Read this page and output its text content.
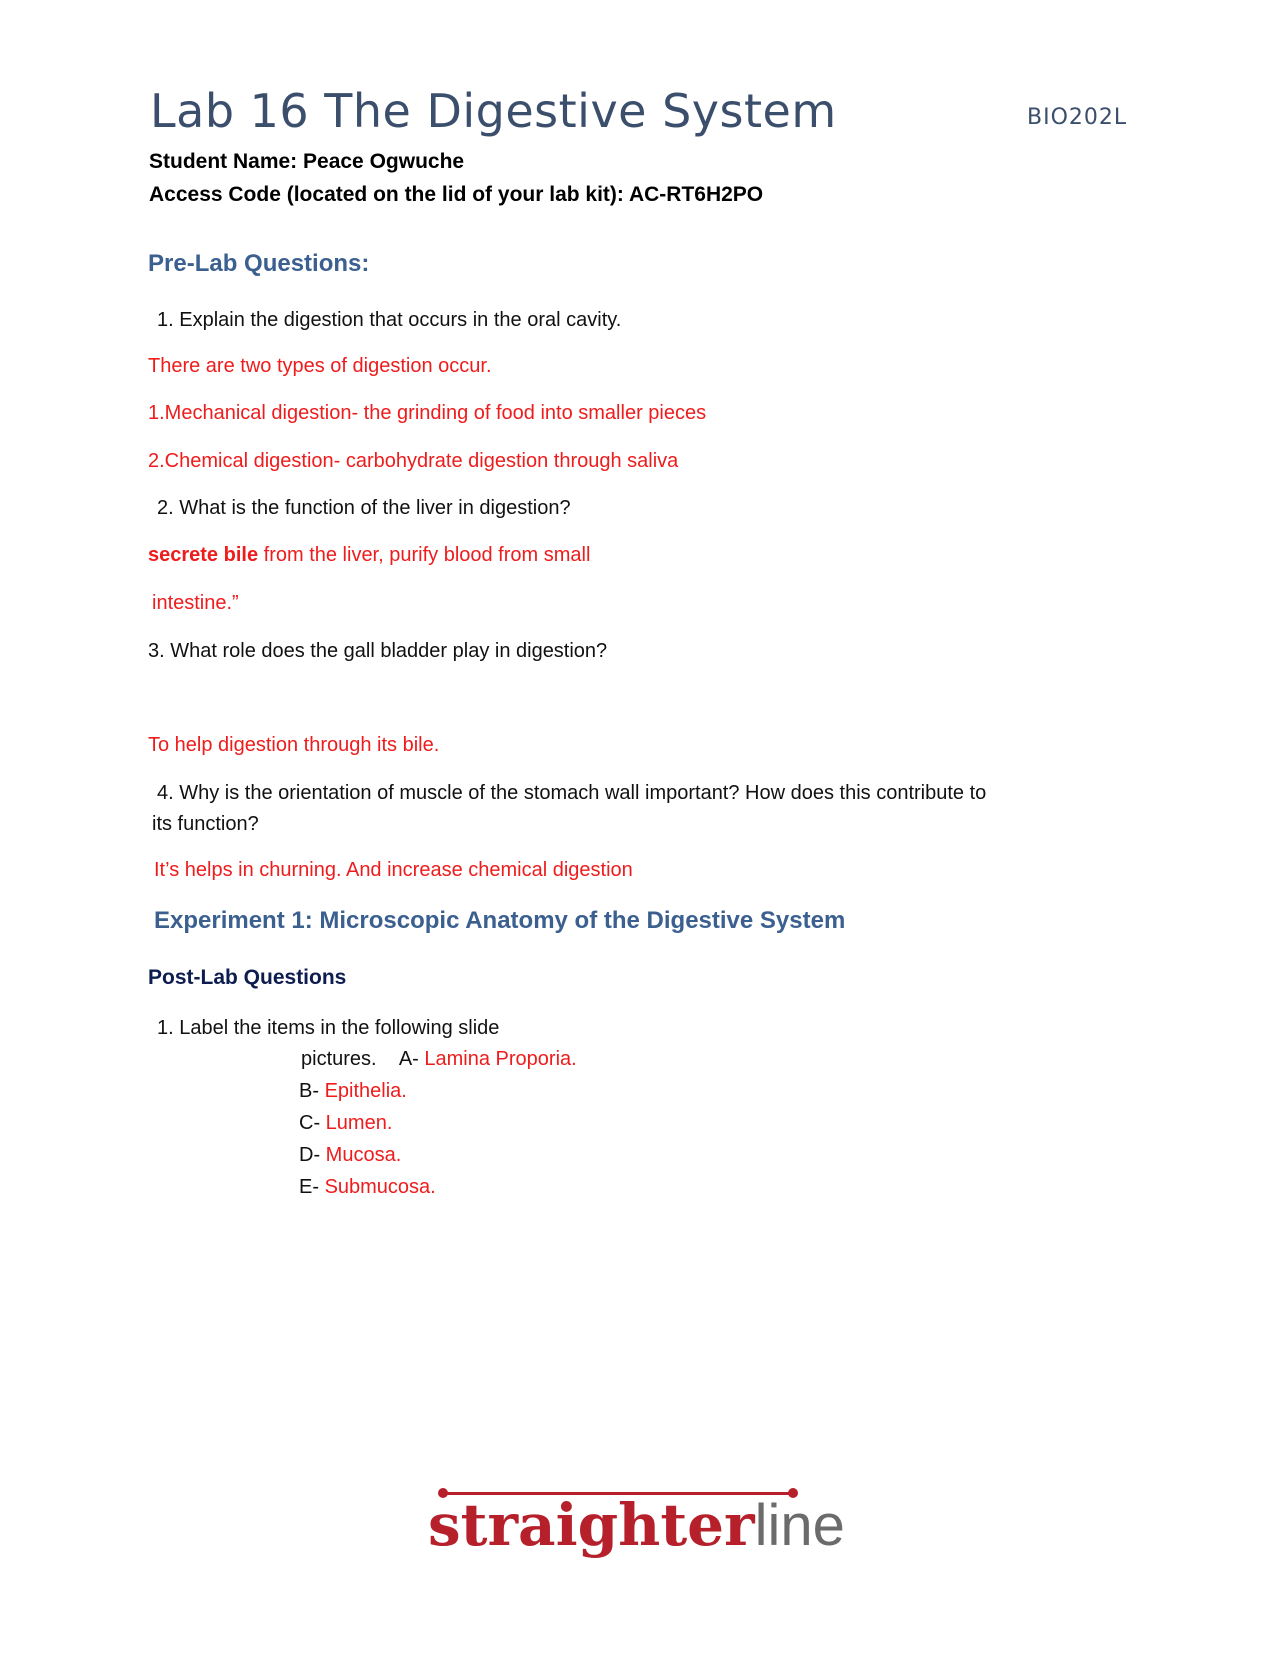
Lab 16 The Digestive System	BIO202L
Student Name: Peace Ogwuche
Access Code (located on the lid of your lab kit): AC-RT6H2PO
Pre-Lab Questions:
1. Explain the digestion that occurs in the oral cavity.
There are two types of digestion occur.
1.Mechanical digestion- the grinding of food into smaller pieces
2.Chemical digestion- carbohydrate digestion through saliva
2. What is the function of the liver in digestion?
secrete bile from the liver, purify blood from small
intestine.”
3. What role does the gall bladder play in digestion?
To help digestion through its bile.
4. Why is the orientation of muscle of the stomach wall important? How does this contribute to
its function?
It’s helps in churning. And increase chemical digestion
Experiment 1: Microscopic Anatomy of the Digestive System
Post-Lab Questions
1. Label the items in the following slide
pictures. A- Lamina Proporia.
B- Epithelia.
C- Lumen.
D- Mucosa.
E- Submucosa.
straighterline
